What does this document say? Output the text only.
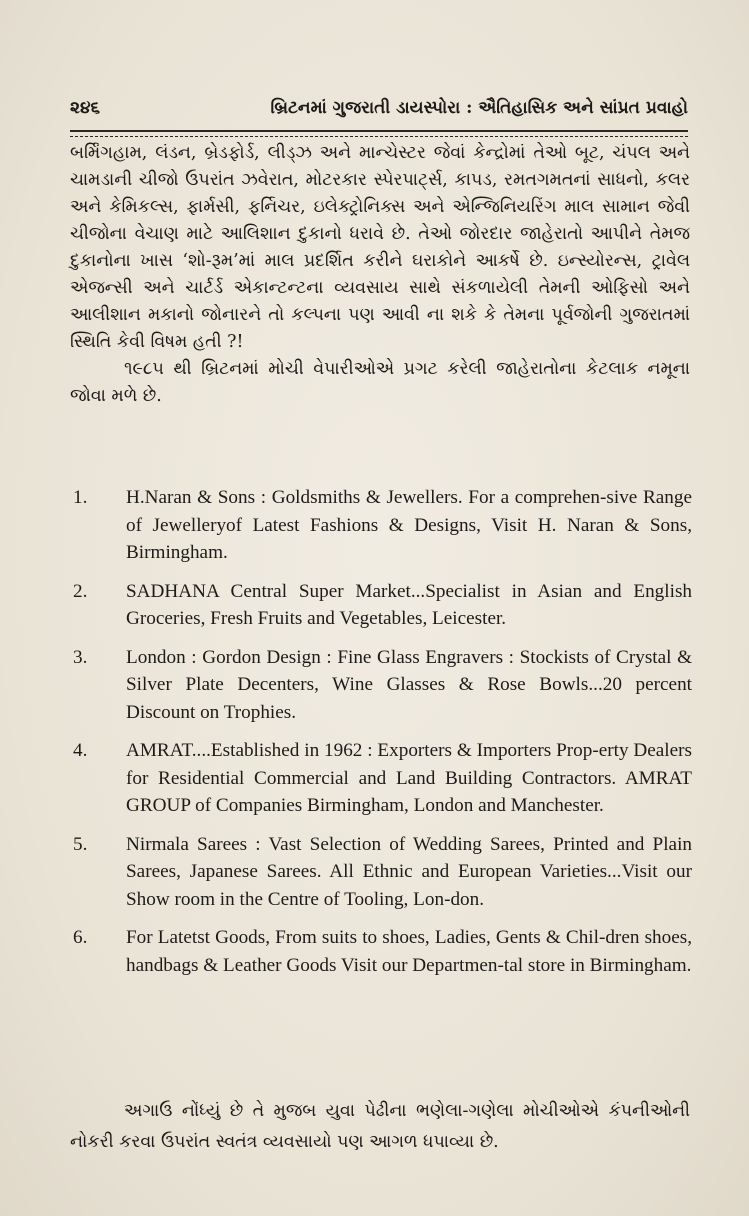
૨૪૬	બ્રિટનમાં ગુજરાતી ડાયસ્પોરા : ઐતિહાસિક અને સાંપ્રત પ્રવાહો

બર્મિંગહામ, લંડન, બ્રેડફોર્ડ, લીડ્ઝ અને માન્ચેસ્ટર જેવાં કેન્દ્રોમાં તેઓ બૂટ, ચંપલ અને ચામડાની ચીજો ઉપરાંત ઝવેરાત, મોટરકાર સ્પેરપાર્ટ્સ, કાપડ, રમતગમતનાં સાધનો, કલર અને કેમિકલ્સ, ફાર્મસી, ફર્નિચર, ઇલેક્ટ્રોનિક્સ અને એન્જિનિયરિંગ માલ સામાન જેવી ચીજોના વેચાણ માટે આલિશાન દુકાનો ધરાવે છે. તેઓ જોરદાર જાહેરાતો આપીને તેમજ દુકાનોના ખાસ ‘શો-રૂમ’માં માલ પ્રદર્શિત કરીને ઘરાકોને આકર્ષે છે. ઇન્સ્યોરન્સ, ટ્રાવેલ એજન્સી અને ચાર્ટર્ડ એકાન્ટન્ટના વ્યવસાય સાથે સંકળાયેલી તેમની ઓફિસો અને આલીશાન મકાનો જોનારને તો કલ્પના પણ આવી ના શકે કે તેમના પૂર્વજોની ગુજરાતમાં સ્થિતિ કેવી વિષમ હતી ?!

૧૯૮૫ થી બ્રિટનમાં મોચી વેપારીઓએ પ્રગટ કરેલી જાહેરાતોના કેટલાક નમૂના જોવા મળે છે.

1. H.Naran & Sons : Goldsmiths & Jewellers. For a comprehen-sive Range of Jewelleryof Latest Fashions & Designs, Visit H. Naran & Sons, Birmingham.
2. SADHANA Central Super Market...Specialist in Asian and English Groceries, Fresh Fruits and Vegetables, Leicester.
3. London : Gordon Design : Fine Glass Engravers : Stockists of Crystal & Silver Plate Decenters, Wine Glasses & Rose Bowls...20 percent Discount on Trophies.
4. AMRAT....Established in 1962 : Exporters & Importers Prop-erty Dealers for Residential Commercial and Land Building Contractors. AMRAT GROUP of Companies Birmingham, London and Manchester.
5. Nirmala Sarees : Vast Selection of Wedding Sarees, Printed and Plain Sarees, Japanese Sarees. All Ethnic and European Varieties...Visit our Show room in the Centre of Tooling, Lon-don.
6. For Latetst Goods, From suits to shoes, Ladies, Gents & Chil-dren shoes, handbags & Leather Goods Visit our Departmen-tal store in Birmingham.

અગાઉ નોંધ્યું છે તે મુજબ યુવા પેઢીના ભણેલા-ગણેલા મોચીઓએ કંપનીઓની નોકરી કરવા ઉપરાંત સ્વતંત્ર વ્યવસાયો પણ આગળ ધપાવ્યા છે.
